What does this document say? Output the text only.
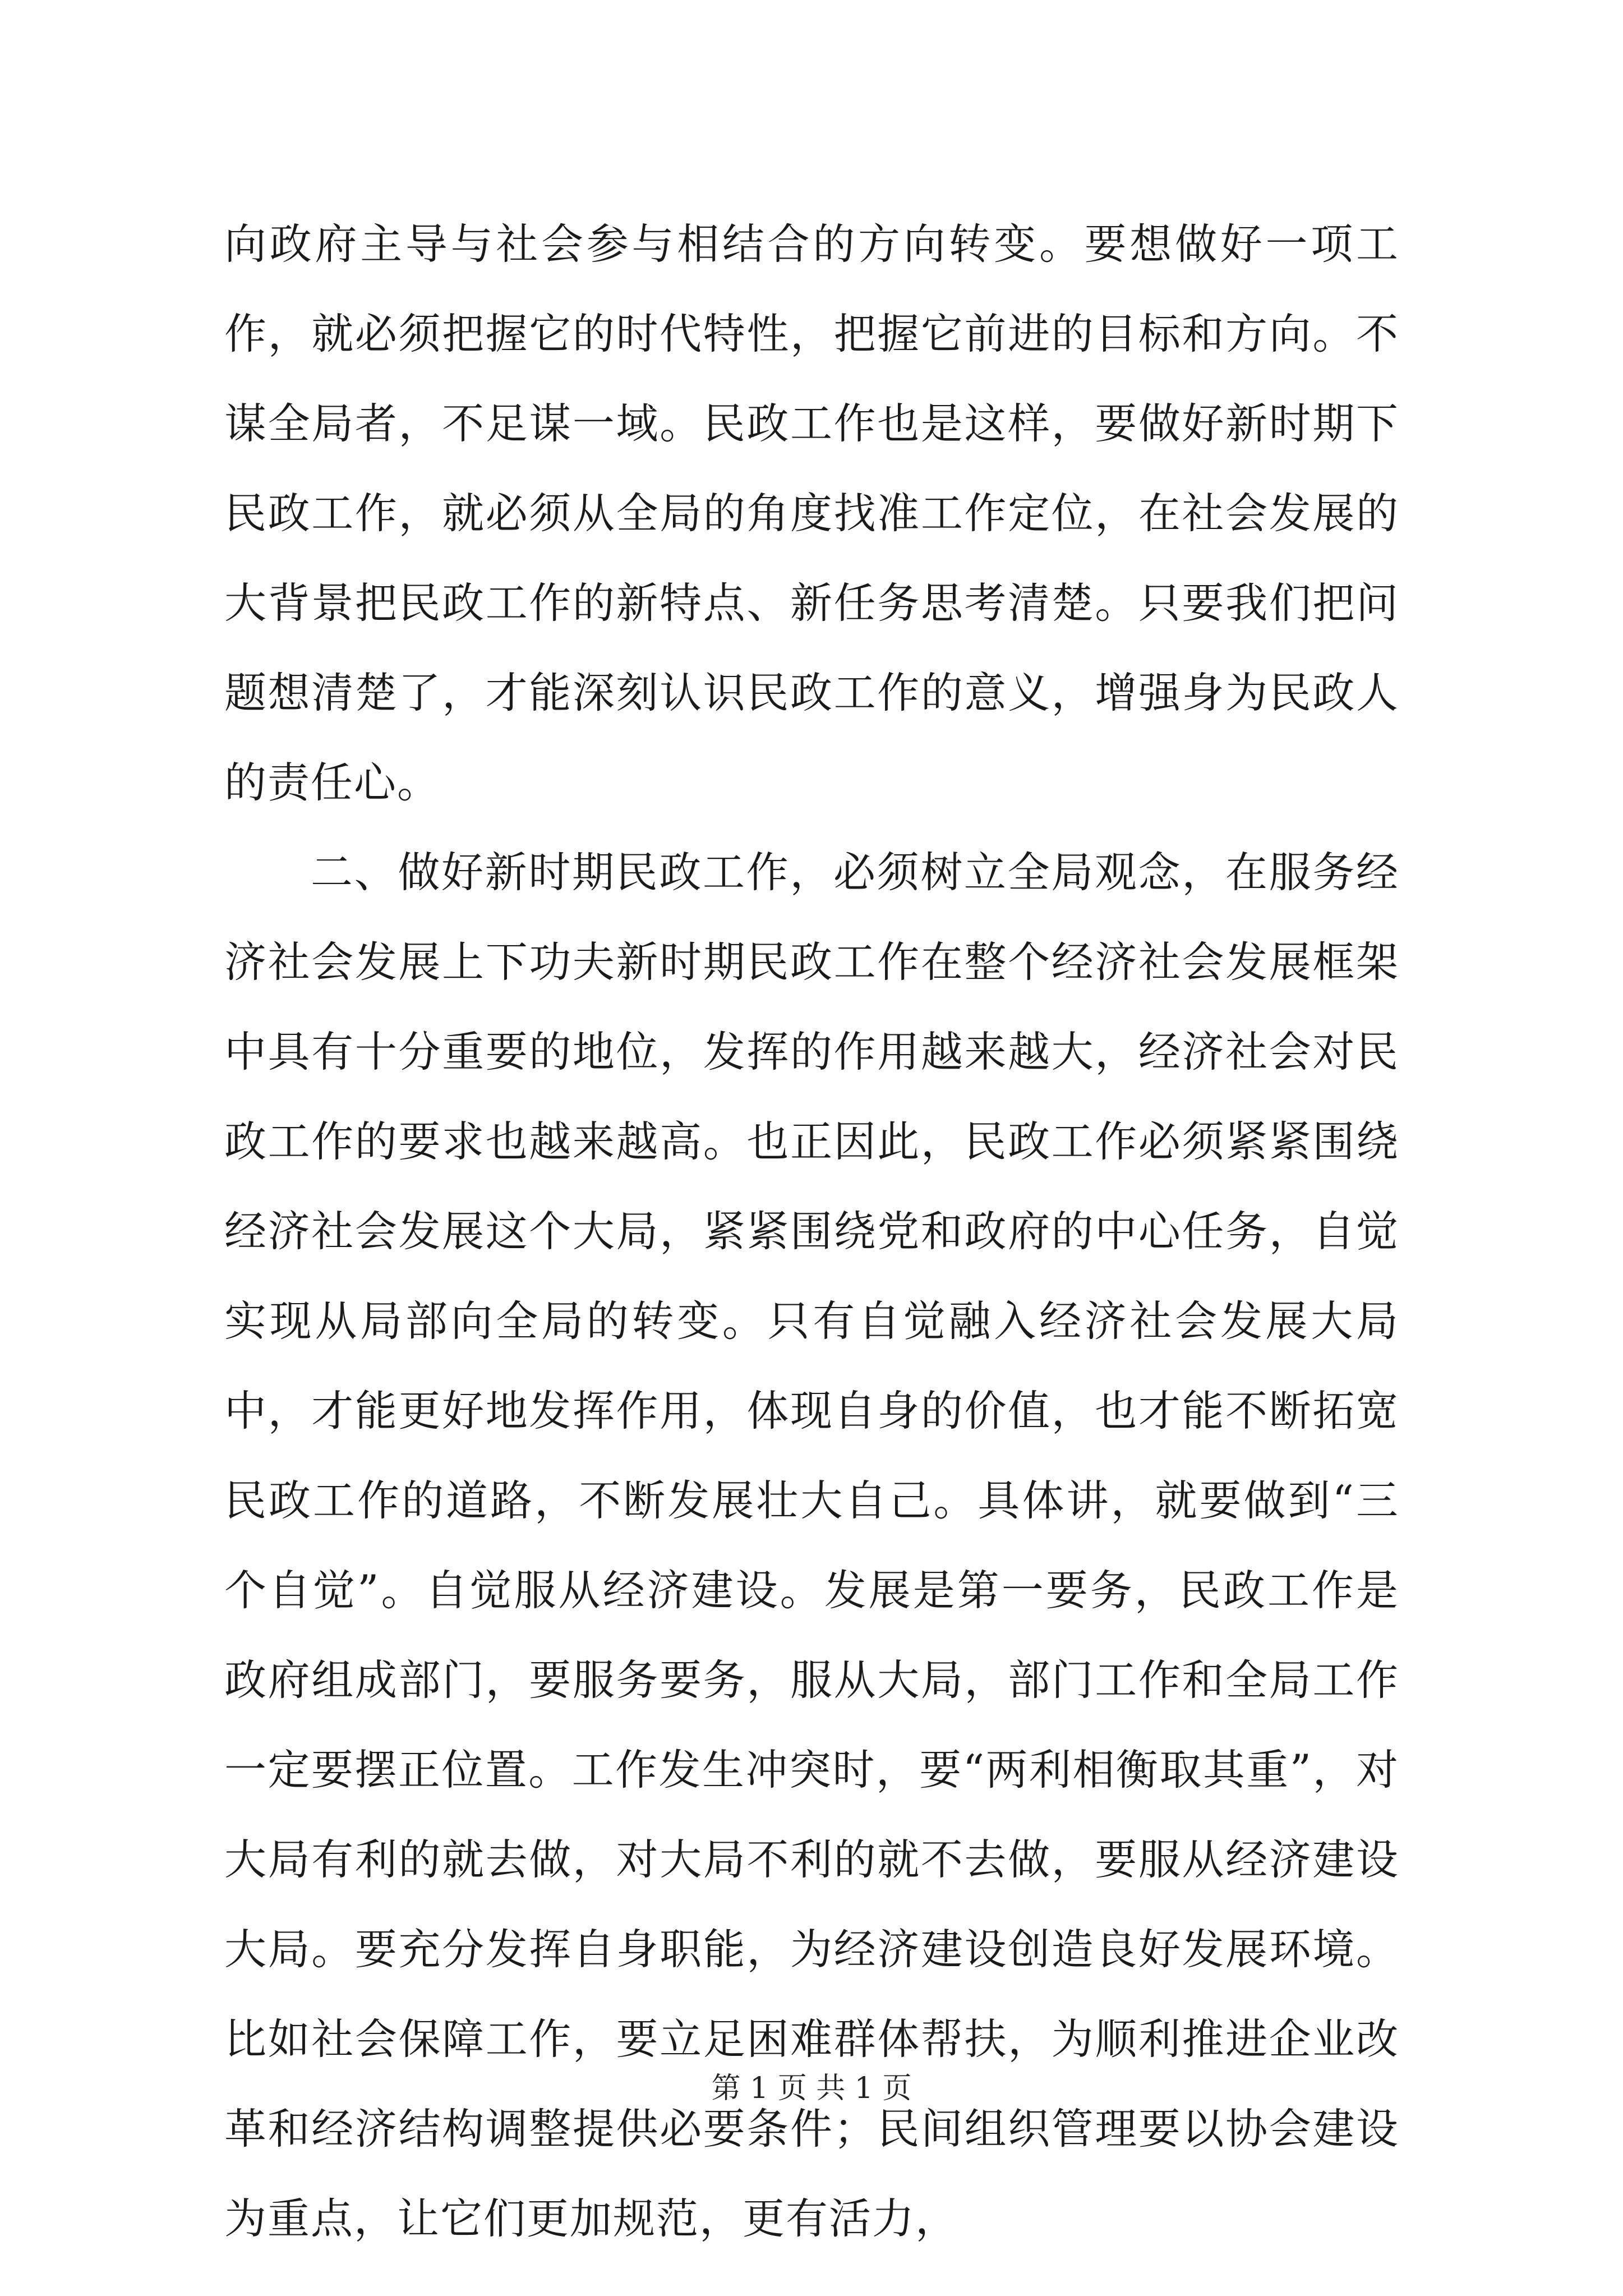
向政府主导与社会参与相结合的方向转变。要想做好一项工作，就必须把握它的时代特性，把握它前进的目标和方向。不谋全局者，不足谋一域。民政工作也是这样，要做好新时期下民政工作，就必须从全局的角度找准工作定位，在社会发展的大背景把民政工作的新特点、新任务思考清楚。只要我们把问题想清楚了，才能深刻认识民政工作的意义，增强身为民政人的责任心。

二、做好新时期民政工作，必须树立全局观念，在服务经济社会发展上下功夫新时期民政工作在整个经济社会发展框架中具有十分重要的地位，发挥的作用越来越大，经济社会对民政工作的要求也越来越高。也正因此，民政工作必须紧紧围绕经济社会发展这个大局，紧紧围绕党和政府的中心任务，自觉实现从局部向全局的转变。只有自觉融入经济社会发展大局中，才能更好地发挥作用，体现自身的价值，也才能不断拓宽民政工作的道路，不断发展壮大自己。具体讲，就要做到“三个自觉”。自觉服从经济建设。发展是第一要务，民政工作是政府组成部门，要服务要务，服从大局，部门工作和全局工作一定要摆正位置。工作发生冲突时，要“两利相衡取其重”，对大局有利的就去做，对大局不利的就不去做，要服从经济建设大局。要充分发挥自身职能，为经济建设创造良好发展环境。比如社会保障工作，要立足困难群体帮扶，为顺利推进企业改革和经济结构调整提供必要条件；民间组织管理要以协会建设为重点，让它们更加规范，更有活力，

第 1 页 共 1 页
